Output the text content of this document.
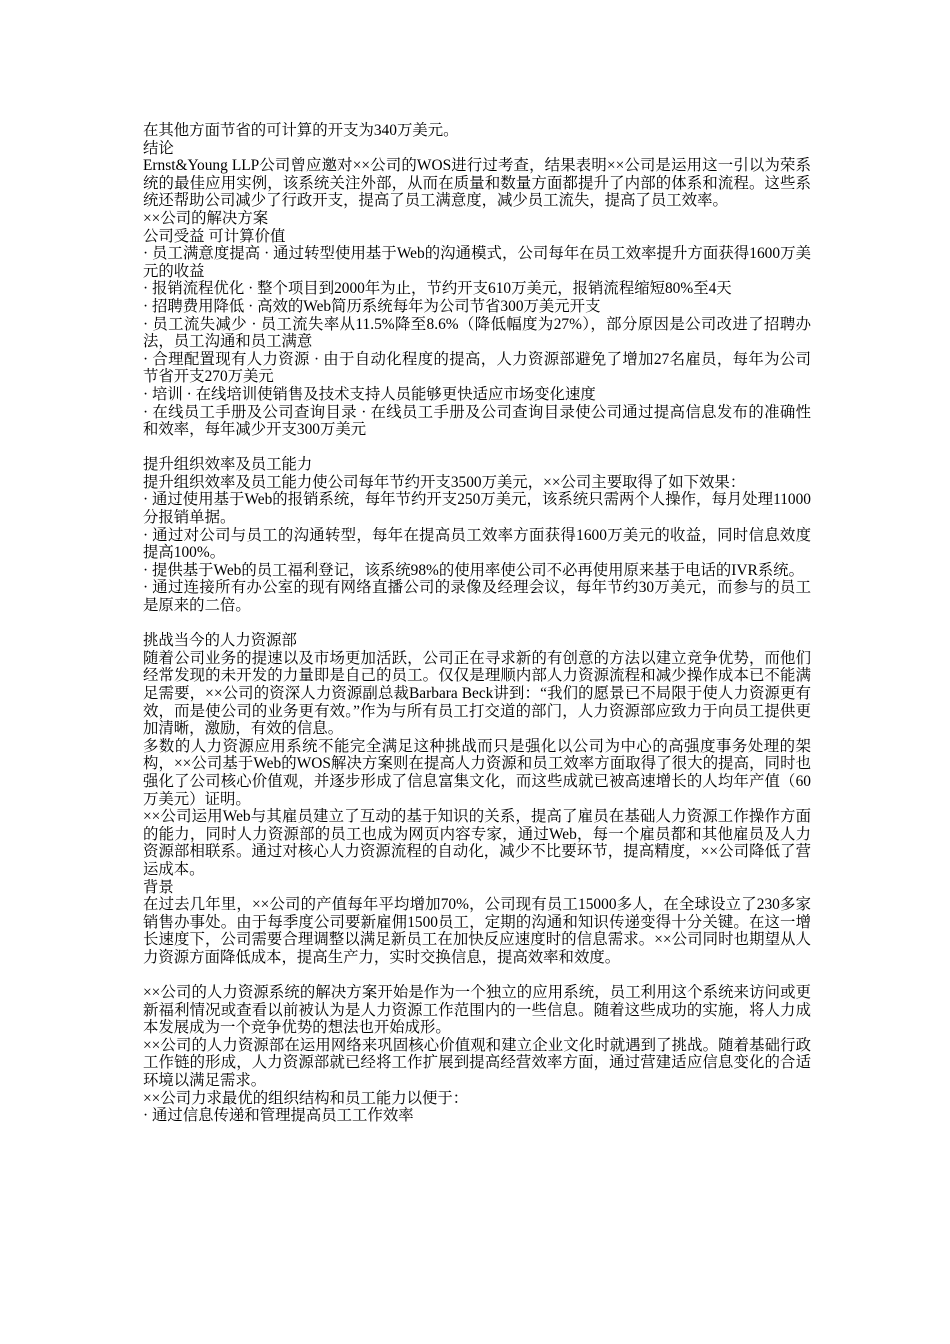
在其他方面节省的可计算的开支为340万美元。

结论

Ernst&Young LLP公司曾应邀对××公司的WOS进行过考查，结果表明××公司是运用这一引以为荣系统的最佳应用实例，该系统关注外部，从而在质量和数量方面都提升了内部的体系和流程。这些系统还帮助公司减少了行政开支，提高了员工满意度，减少员工流失，提高了员工效率。

××公司的解决方案

公司受益 可计算价值

· 员工满意度提高 · 通过转型使用基于Web的沟通模式，公司每年在员工效率提升方面获得1600万美元的收益

· 报销流程优化 · 整个项目到2000年为止，节约开支610万美元，报销流程缩短80%至4天

· 招聘费用降低 · 高效的Web简历系统每年为公司节省300万美元开支

· 员工流失减少 · 员工流失率从11.5%降至8.6%（降低幅度为27%），部分原因是公司改进了招聘办法，员工沟通和员工满意

· 合理配置现有人力资源 · 由于自动化程度的提高，人力资源部避免了增加27名雇员，每年为公司节省开支270万美元

· 培训 · 在线培训使销售及技术支持人员能够更快适应市场变化速度

· 在线员工手册及公司查询目录 · 在线员工手册及公司查询目录使公司通过提高信息发布的准确性和效率，每年减少开支300万美元

提升组织效率及员工能力

提升组织效率及员工能力使公司每年节约开支3500万美元，××公司主要取得了如下效果：

· 通过使用基于Web的报销系统，每年节约开支250万美元，该系统只需两个人操作，每月处理11000分报销单据。

· 通过对公司与员工的沟通转型，每年在提高员工效率方面获得1600万美元的收益，同时信息效度提高100%。

· 提供基于Web的员工福利登记，该系统98%的使用率使公司不必再使用原来基于电话的IVR系统。

· 通过连接所有办公室的现有网络直播公司的录像及经理会议，每年节约30万美元，而参与的员工是原来的二倍。

挑战当今的人力资源部

随着公司业务的提速以及市场更加活跃，公司正在寻求新的有创意的方法以建立竞争优势，而他们经常发现的未开发的力量即是自己的员工。仅仅是理顺内部人力资源流程和减少操作成本已不能满足需要，××公司的资深人力资源副总裁Barbara Beck讲到：“我们的愿景已不局限于使人力资源更有效，而是使公司的业务更有效。”作为与所有员工打交道的部门，人力资源部应致力于向员工提供更加清晰，激励，有效的信息。

多数的人力资源应用系统不能完全满足这种挑战而只是强化以公司为中心的高强度事务处理的架构，××公司基于Web的WOS解决方案则在提高人力资源和员工效率方面取得了很大的提高，同时也强化了公司核心价值观，并逐步形成了信息富集文化，而这些成就已被高速增长的人均年产值（60万美元）证明。

××公司运用Web与其雇员建立了互动的基于知识的关系，提高了雇员在基础人力资源工作操作方面的能力，同时人力资源部的员工也成为网页内容专家，通过Web，每一个雇员都和其他雇员及人力资源部相联系。通过对核心人力资源流程的自动化，减少不比要环节，提高精度，××公司降低了营运成本。

背景

在过去几年里，××公司的产值每年平均增加70%，公司现有员工15000多人，在全球设立了230多家销售办事处。由于每季度公司要新雇佣1500员工，定期的沟通和知识传递变得十分关键。在这一增长速度下，公司需要合理调整以满足新员工在加快反应速度时的信息需求。××公司同时也期望从人力资源方面降低成本，提高生产力，实时交换信息，提高效率和效度。

××公司的人力资源系统的解决方案开始是作为一个独立的应用系统，员工利用这个系统来访问或更新福利情况或查看以前被认为是人力资源工作范围内的一些信息。随着这些成功的实施，将人力成本发展成为一个竞争优势的想法也开始成形。

××公司的人力资源部在运用网络来巩固核心价值观和建立企业文化时就遇到了挑战。随着基础行政工作链的形成，人力资源部就已经将工作扩展到提高经营效率方面，通过营建适应信息变化的合适环境以满足需求。

××公司力求最优的组织结构和员工能力以便于：

· 通过信息传递和管理提高员工工作效率
